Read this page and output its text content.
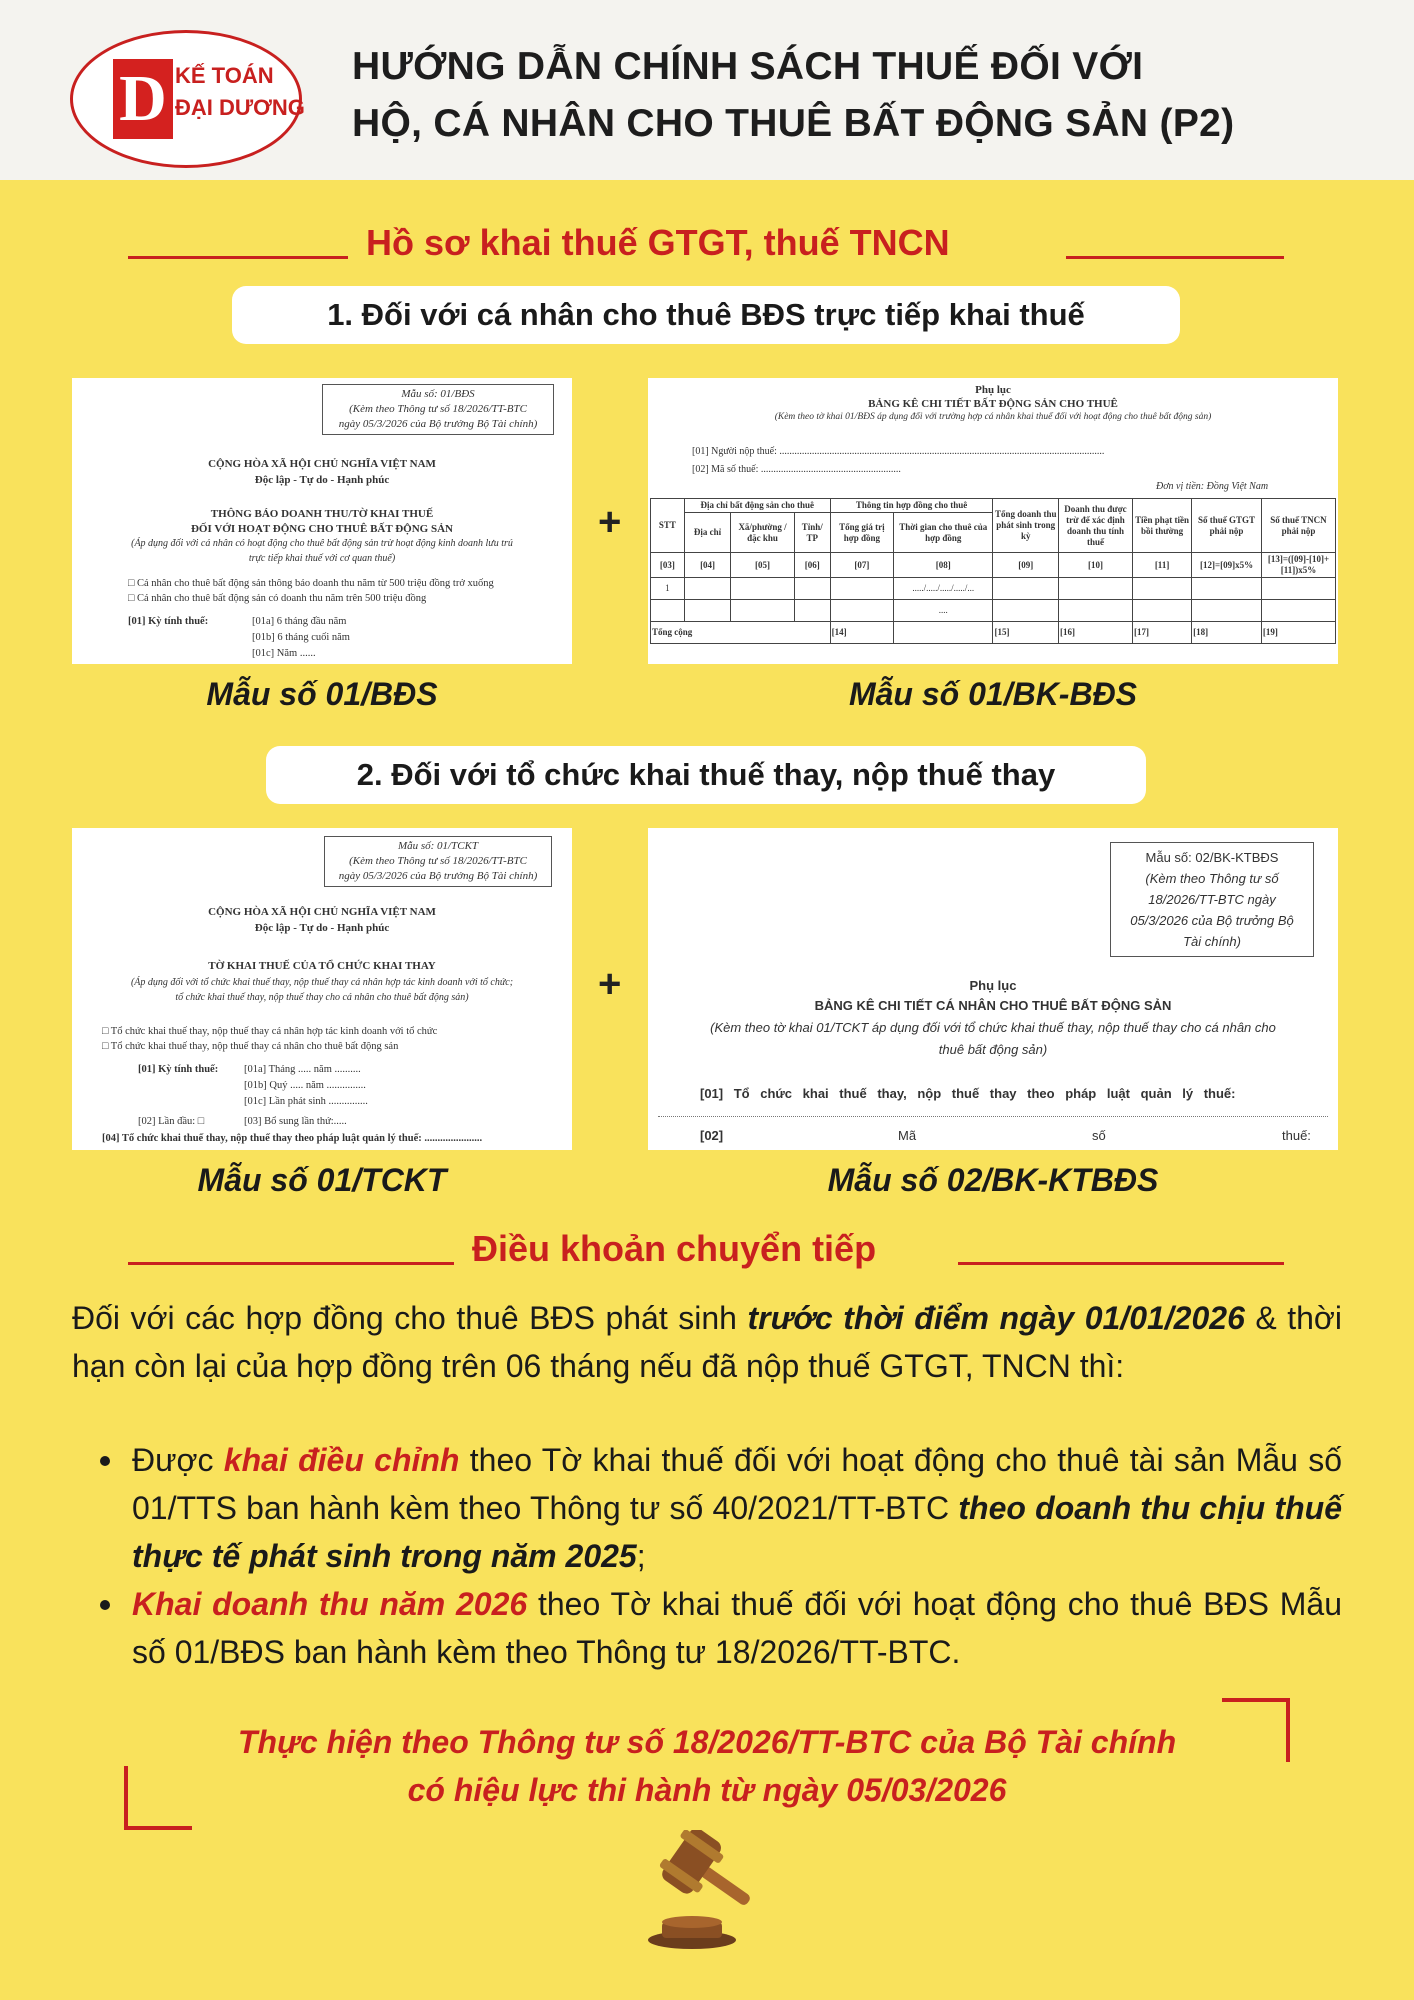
D KẾ TOÁN
ĐẠI DƯƠNG
HƯỚNG DẪN CHÍNH SÁCH THUẾ ĐỐI VỚI
HỘ, CÁ NHÂN CHO THUÊ BẤT ĐỘNG SẢN (P2)
Hồ sơ khai thuế GTGT, thuế TNCN
1. Đối với cá nhân cho thuê BĐS trực tiếp khai thuế
Mẫu số: 01/BĐS
(Kèm theo Thông tư số 18/2026/TT-BTC
ngày 05/3/2026 của Bộ trưởng Bộ Tài chính)
CỘNG HÒA XÃ HỘI CHỦ NGHĨA VIỆT NAM
Độc lập - Tự do - Hạnh phúc
THÔNG BÁO DOANH THU/TỜ KHAI THUẾ
ĐỐI VỚI HOẠT ĐỘNG CHO THUÊ BẤT ĐỘNG SẢN
(Áp dụng đối với cá nhân có hoạt động cho thuê bất động sản trừ hoạt động kinh doanh lưu trú
trực tiếp khai thuế với cơ quan thuế)
□ Cá nhân cho thuê bất động sản thông báo doanh thu năm từ 500 triệu đồng trở xuống
□ Cá nhân cho thuê bất động sản có doanh thu năm trên 500 triệu đồng
[01] Kỳ tính thuế:	[01a] 6 tháng đầu năm
[01b] 6 tháng cuối năm
[01c] Năm ......
+
Phụ lục
BẢNG KÊ CHI TIẾT BẤT ĐỘNG SẢN CHO THUÊ
(Kèm theo tờ khai 01/BĐS áp dụng đối với trường hợp cá nhân khai thuế đối với hoạt động cho thuê bất động sản)
[01] Người nộp thuế: ..................................................................................................................................
[02] Mã số thuế: ........................................................
Đơn vị tiền: Đồng Việt Nam
STT	Địa chỉ bất động sản cho thuê			Thông tin hợp đồng cho thuê		Tổng doanh thu phát sinh trong kỳ	Doanh thu được trừ để xác định doanh thu tính thuế	Tiền phạt tiền bồi thường	Số thuế GTGT phải nộp	Số thuế TNCN phải nộp
	Địa chỉ	Xã/phường /đặc khu	Tỉnh/ TP	Tổng giá trị hợp đồng	Thời gian cho thuê của hợp đồng					
[03]	[04]	[05]	[06]	[07]	[08]	[09]	[10]	[11]	[12]=[09]x5%	[13]=([09]-[10]+[11])x5%
1					...../...../...../...../...					
					....					
Tổng cộng				[14]		[15]	[16]	[17]	[18]	[19]
Mẫu số 01/BĐS	Mẫu số 01/BK-BĐS
2. Đối với tổ chức khai thuế thay, nộp thuế thay
Mẫu số: 01/TCKT
(Kèm theo Thông tư số 18/2026/TT-BTC
ngày 05/3/2026 của Bộ trưởng Bộ Tài chính)
CỘNG HÒA XÃ HỘI CHỦ NGHĨA VIỆT NAM
Độc lập - Tự do - Hạnh phúc
TỜ KHAI THUẾ CỦA TỔ CHỨC KHAI THAY
(Áp dụng đối với tổ chức khai thuế thay, nộp thuế thay cá nhân hợp tác kinh doanh với tổ chức;
tổ chức khai thuế thay, nộp thuế thay cho cá nhân cho thuê bất động sản)
□ Tổ chức khai thuế thay, nộp thuế thay cá nhân hợp tác kinh doanh với tổ chức
□ Tổ chức khai thuế thay, nộp thuế thay cá nhân cho thuê bất động sản
[01] Kỳ tính thuế: [01a] Tháng ..... năm ..........
[01b] Quý ..... năm ...............
[01c] Lần phát sinh ...............
[02] Lần đầu: □	[03] Bổ sung lần thứ:.....
[04] Tổ chức khai thuế thay, nộp thuế thay theo pháp luật quản lý thuế: ......................
+
Mẫu số: 02/BK-KTBĐS
(Kèm theo Thông tư số
18/2026/TT-BTC ngày
05/3/2026 của Bộ trưởng Bộ
Tài chính)
Phụ lục
BẢNG KÊ CHI TIẾT CÁ NHÂN CHO THUÊ BẤT ĐỘNG SẢN
(Kèm theo tờ khai 01/TCKT áp dụng đối với tổ chức khai thuế thay, nộp thuế thay cho cá nhân cho
thuê bất động sản)
[01] Tổ chức khai thuế thay, nộp thuế thay theo pháp luật quản lý thuế:
[02]	Mã	số	thuế:
Mẫu số 01/TCKT	Mẫu số 02/BK-KTBĐS
Điều khoản chuyển tiếp
Đối với các hợp đồng cho thuê BĐS phát sinh trước thời điểm ngày 01/01/2026 & thời hạn còn lại của hợp đồng trên 06 tháng nếu đã nộp thuế GTGT, TNCN thì:
Được khai điều chỉnh theo Tờ khai thuế đối với hoạt động cho thuê tài sản Mẫu số 01/TTS ban hành kèm theo Thông tư số 40/2021/TT-BTC theo doanh thu chịu thuế thực tế phát sinh trong năm 2025;
Khai doanh thu năm 2026 theo Tờ khai thuế đối với hoạt động cho thuê BĐS Mẫu số 01/BĐS ban hành kèm theo Thông tư 18/2026/TT-BTC.
Thực hiện theo Thông tư số 18/2026/TT-BTC của Bộ Tài chính
có hiệu lực thi hành từ ngày 05/03/2026
